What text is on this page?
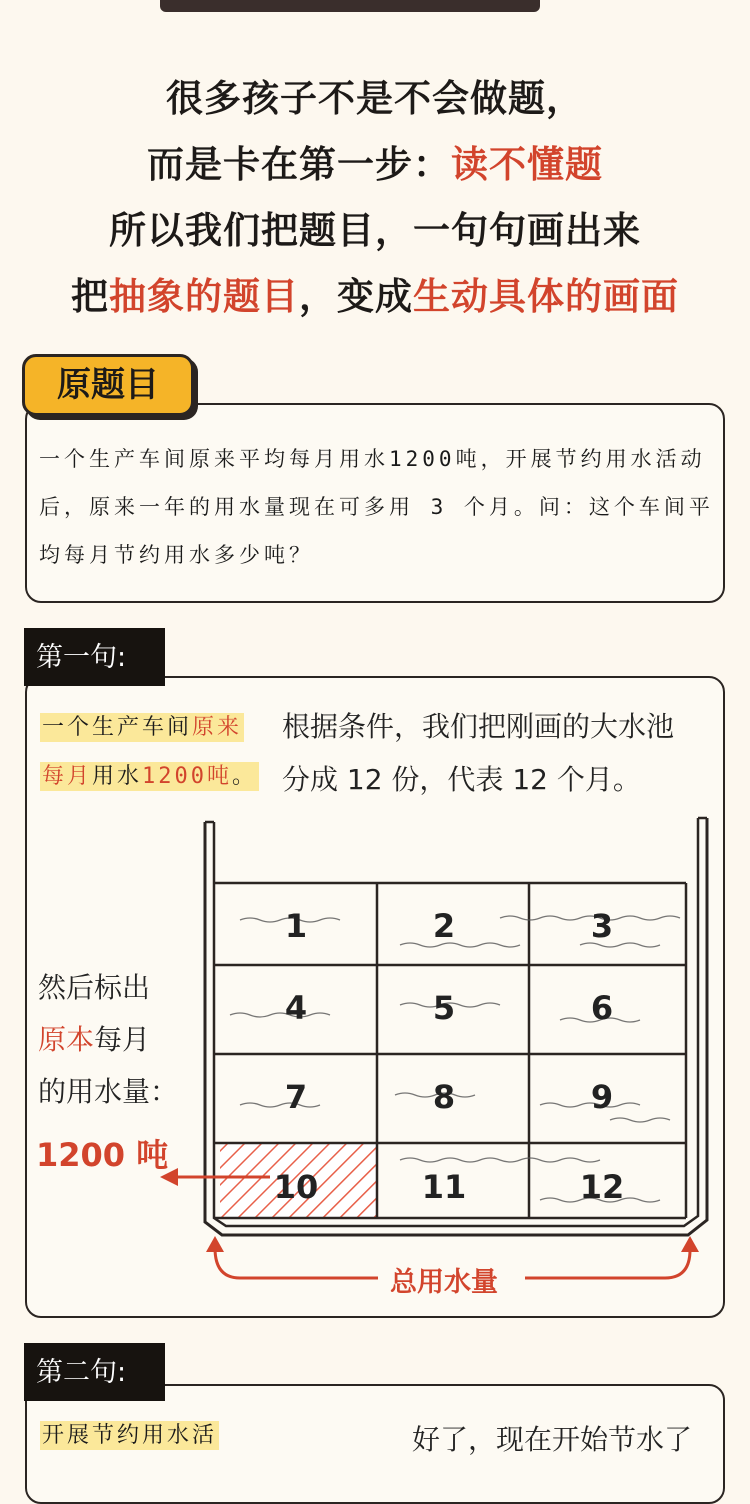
很多孩子不是不会做题，
而是卡在第一步：读不懂题
所以我们把题目，一句句画出来
把抽象的题目，变成生动具体的画面
原题目
一个生产车间原来平均每月用水1200吨，开展节约用水活动后，原来一年的用水量现在可多用 3 个月。问：这个车间平均每月节约用水多少吨？
第一句:
一个生产车间原来
每月用水1200吨。
根据条件，我们把刚画的大水池
分成 12 份，代表 12 个月。
然后标出
原本每月
的用水量：
1200 吨
1	2	3
4	5	6
7	8	9
10	11	12
总用水量
第二句:
开展节约用水活	好了，现在开始节水了
